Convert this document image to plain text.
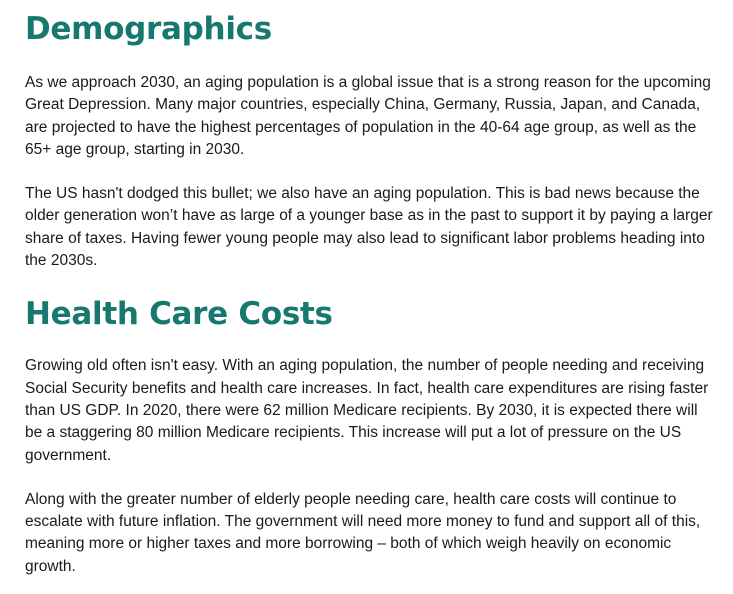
Demographics

As we approach 2030, an aging population is a global issue that is a strong reason for the upcoming Great Depression. Many major countries, especially China, Germany, Russia, Japan, and Canada, are projected to have the highest percentages of population in the 40-64 age group, as well as the 65+ age group, starting in 2030.

The US hasn't dodged this bullet; we also have an aging population. This is bad news because the older generation won’t have as large of a younger base as in the past to support it by paying a larger share of taxes. Having fewer young people may also lead to significant labor problems heading into the 2030s.

Health Care Costs

Growing old often isn't easy. With an aging population, the number of people needing and receiving Social Security benefits and health care increases. In fact, health care expenditures are rising faster than US GDP. In 2020, there were 62 million Medicare recipients. By 2030, it is expected there will be a staggering 80 million Medicare recipients. This increase will put a lot of pressure on the US government.

Along with the greater number of elderly people needing care, health care costs will continue to escalate with future inflation. The government will need more money to fund and support all of this, meaning more or higher taxes and more borrowing – both of which weigh heavily on economic growth.
